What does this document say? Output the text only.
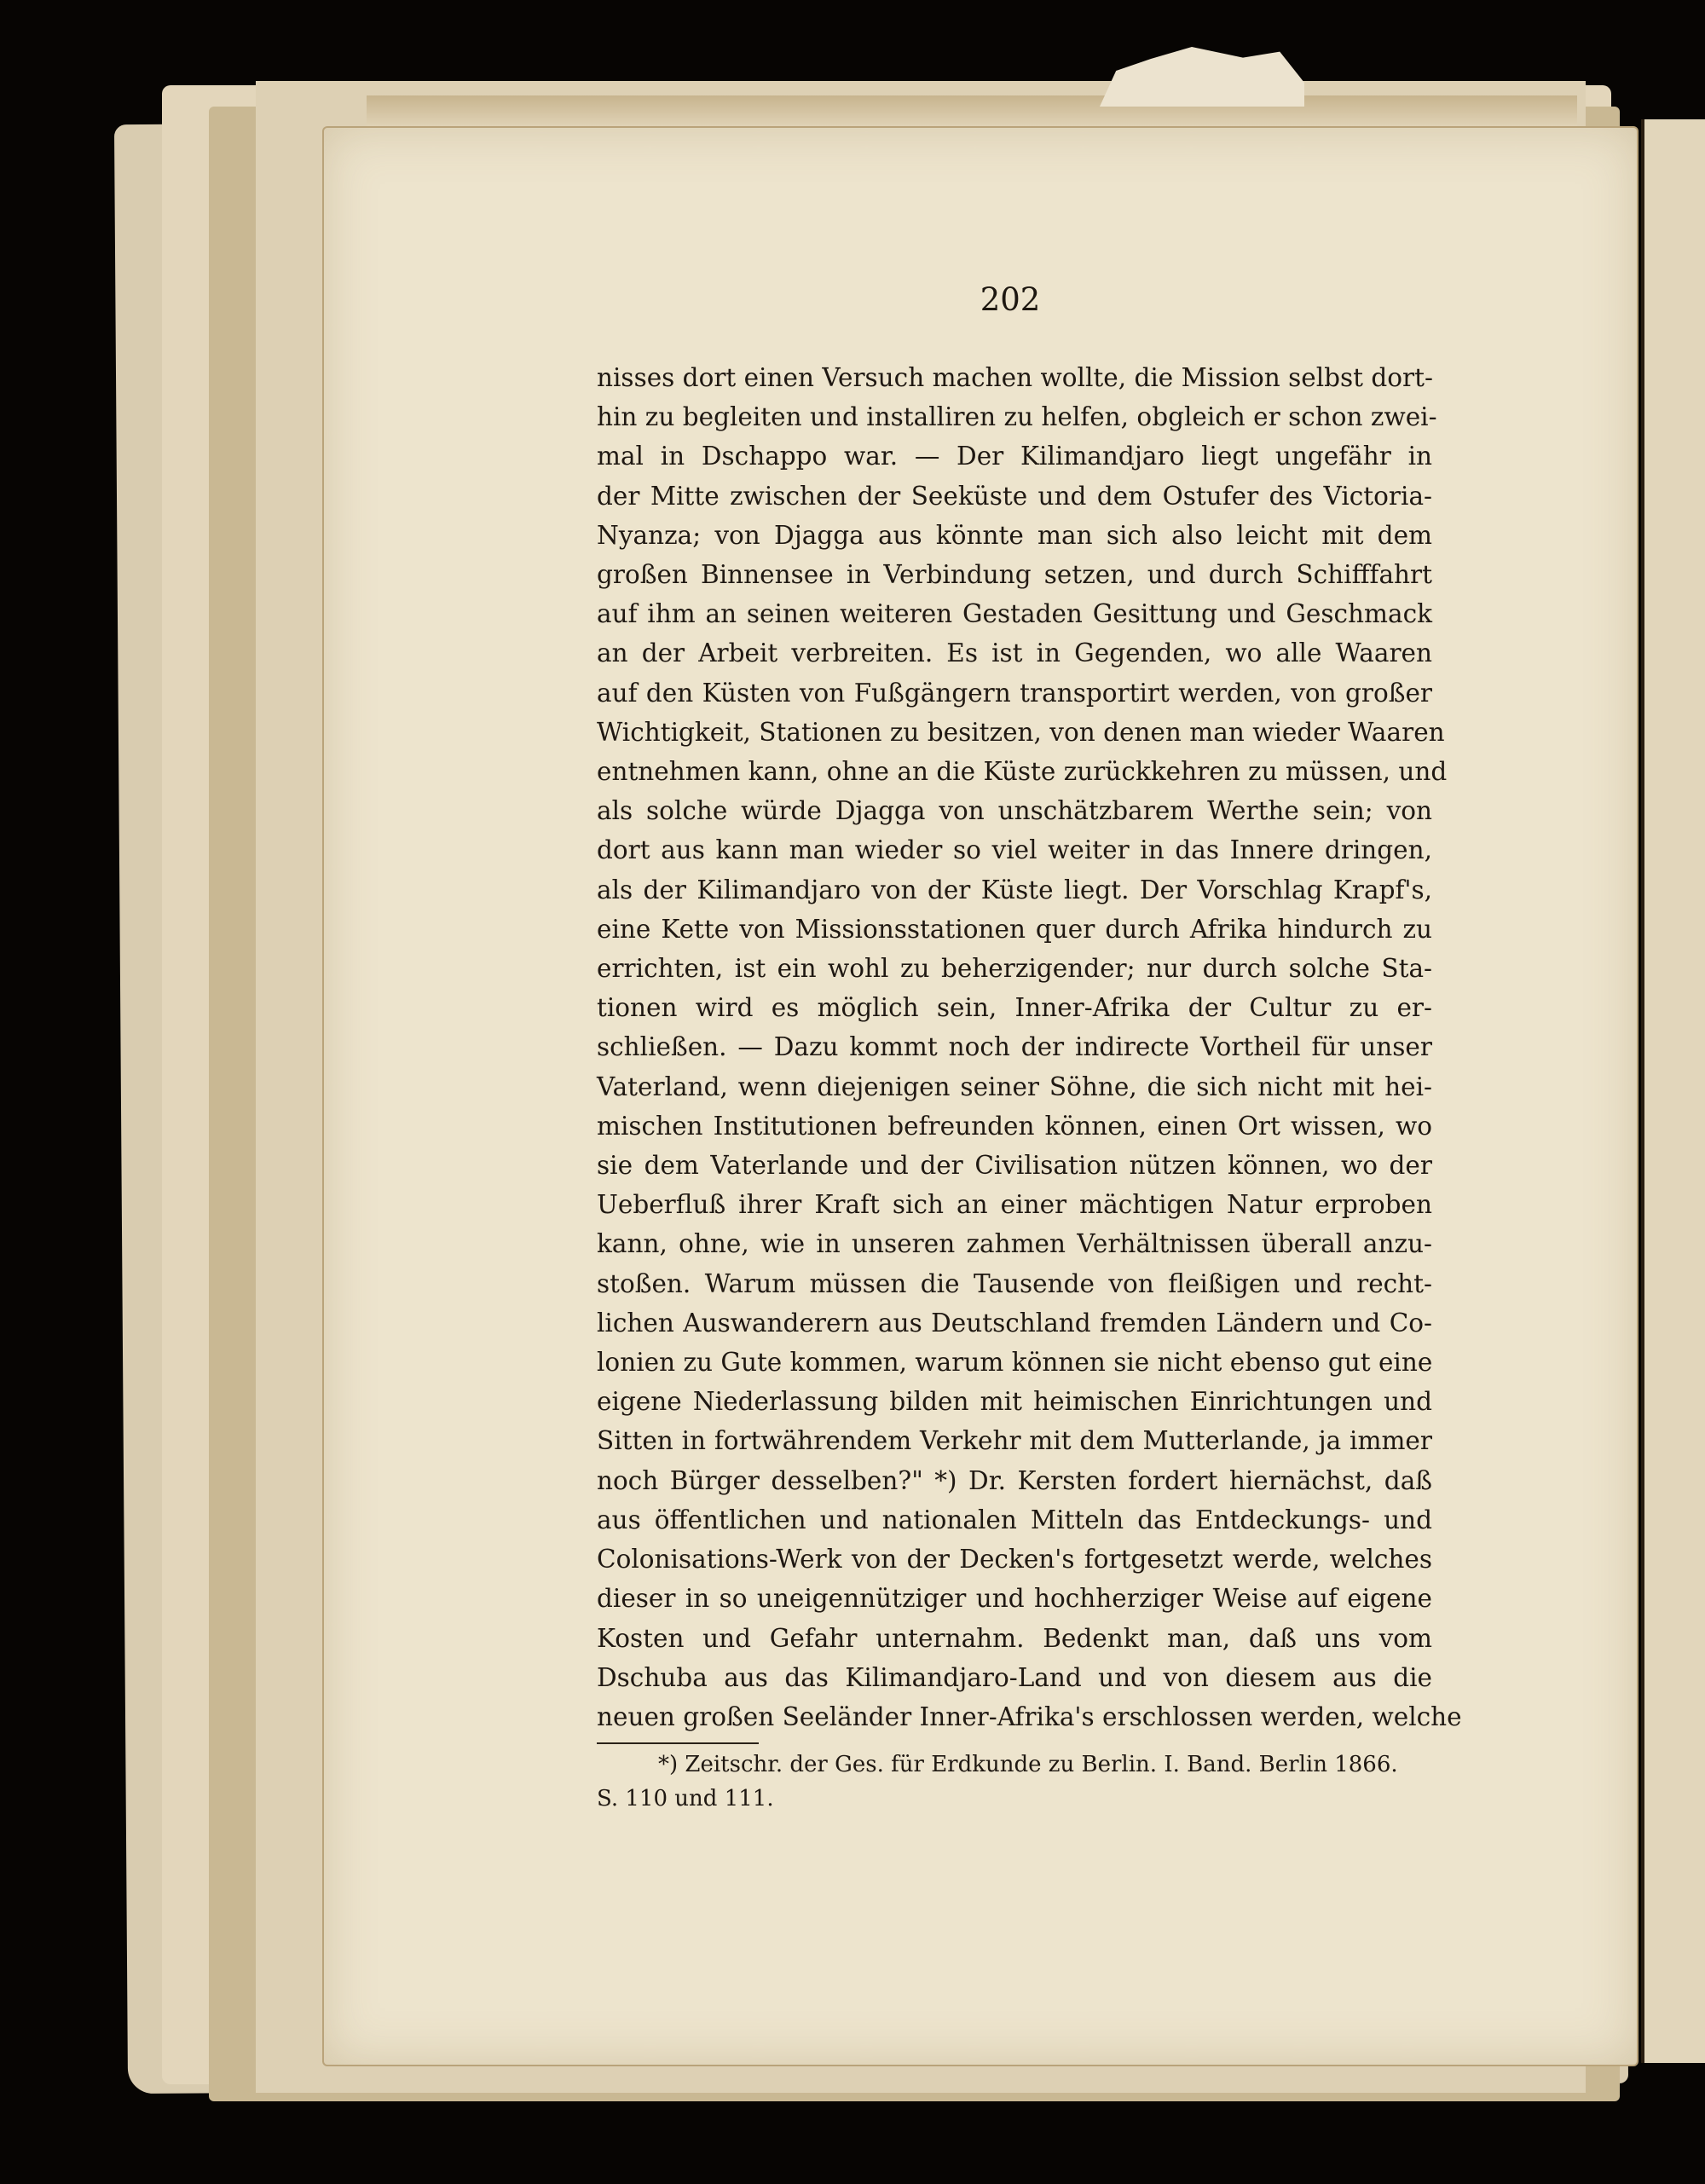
202
nisses dort einen Versuch machen wollte, die Mission selbst dort-
hin zu begleiten und installiren zu helfen, obgleich er schon zwei-
mal in Dschappo war. — Der Kilimandjaro liegt ungefähr in
der Mitte zwischen der Seeküste und dem Ostufer des Victoria-
Nyanza; von Djagga aus könnte man sich also leicht mit dem
großen Binnensee in Verbindung setzen, und durch Schifffahrt
auf ihm an seinen weiteren Gestaden Gesittung und Geschmack
an der Arbeit verbreiten. Es ist in Gegenden, wo alle Waaren
auf den Küsten von Fußgängern transportirt werden, von großer
Wichtigkeit, Stationen zu besitzen, von denen man wieder Waaren
entnehmen kann, ohne an die Küste zurückkehren zu müssen, und
als solche würde Djagga von unschätzbarem Werthe sein; von
dort aus kann man wieder so viel weiter in das Innere dringen,
als der Kilimandjaro von der Küste liegt. Der Vorschlag Krapf's,
eine Kette von Missionsstationen quer durch Afrika hindurch zu
errichten, ist ein wohl zu beherzigender; nur durch solche Sta-
tionen wird es möglich sein, Inner-Afrika der Cultur zu er-
schließen. — Dazu kommt noch der indirecte Vortheil für unser
Vaterland, wenn diejenigen seiner Söhne, die sich nicht mit hei-
mischen Institutionen befreunden können, einen Ort wissen, wo
sie dem Vaterlande und der Civilisation nützen können, wo der
Ueberfluß ihrer Kraft sich an einer mächtigen Natur erproben
kann, ohne, wie in unseren zahmen Verhältnissen überall anzu-
stoßen. Warum müssen die Tausende von fleißigen und recht-
lichen Auswanderern aus Deutschland fremden Ländern und Co-
lonien zu Gute kommen, warum können sie nicht ebenso gut eine
eigene Niederlassung bilden mit heimischen Einrichtungen und
Sitten in fortwährendem Verkehr mit dem Mutterlande, ja immer
noch Bürger desselben?" *) Dr. Kersten fordert hiernächst, daß
aus öffentlichen und nationalen Mitteln das Entdeckungs- und
Colonisations-Werk von der Decken's fortgesetzt werde, welches
dieser in so uneigennütziger und hochherziger Weise auf eigene
Kosten und Gefahr unternahm. Bedenkt man, daß uns vom
Dschuba aus das Kilimandjaro-Land und von diesem aus die
neuen großen Seeländer Inner-Afrika's erschlossen werden, welche
*) Zeitschr. der Ges. für Erdkunde zu Berlin. I. Band. Berlin 1866.
S. 110 und 111.
